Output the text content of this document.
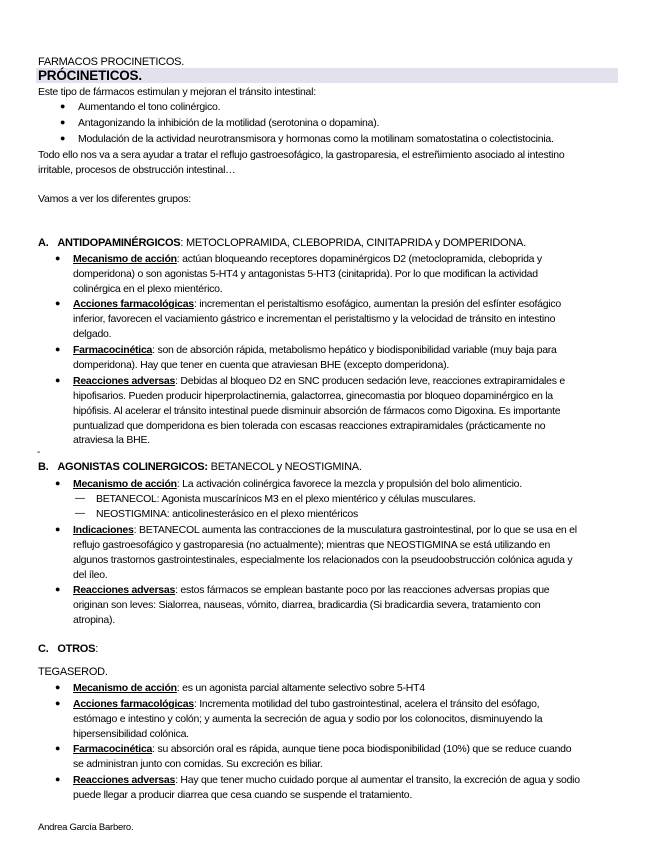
FARMACOS PROCINETICOS.
PRÓCINETICOS.
Este tipo de fármacos estimulan y mejoran el tránsito intestinal:
● Aumentando el tono colinérgico.
● Antagonizando la inhibición de la motilidad (serotonina o dopamina).
● Modulación de la actividad neurotransmisora y hormonas como la motilinam somatostatina o colectistocinia.
Todo ello nos va a sera ayudar a tratar el reflujo gastroesofágico, la gastroparesia, el estreñimiento asociado al intestino
irritable, procesos de obstrucción intestinal…
Vamos a ver los diferentes grupos:
A. ANTIDOPAMINÉRGICOS: METOCLOPRAMIDA, CLEBOPRIDA, CINITAPRIDA y DOMPERIDONA.
● Mecanismo de acción: actúan bloqueando receptores dopaminérgicos D2 (metoclopramida, cleboprida y
domperidona) o son agonistas 5-HT4 y antagonistas 5-HT3 (cinitaprida). Por lo que modifican la actividad
colinérgica en el plexo mientérico.
● Acciones farmacológicas: incrementan el peristaltismo esofágico, aumentan la presión del esfínter esofágico
inferior, favorecen el vaciamiento gástrico e incrementan el peristaltismo y la velocidad de tránsito en intestino
delgado.
● Farmacocinética: son de absorción rápida, metabolismo hepático y biodisponibilidad variable (muy baja para
domperidona). Hay que tener en cuenta que atraviesan BHE (excepto domperidona).
● Reacciones adversas: Debidas al bloqueo D2 en SNC producen sedación leve, reacciones extrapiramidales e
hipofisarios. Pueden producir hiperprolactinemia, galactorrea, ginecomastia por bloqueo dopaminérgico en la
hipófisis. Al acelerar el tránsito intestinal puede disminuir absorción de fármacos como Digoxina. Es importante
puntualizad que domperidona es bien tolerada con escasas reacciones extrapiramidales (prácticamente no
atraviesa la BHE.
-
B. AGONISTAS COLINERGICOS: BETANECOL y NEOSTIGMINA.
● Mecanismo de acción: La activación colinérgica favorece la mezcla y propulsión del bolo alimenticio.
— BETANECOL: Agonista muscarínicos M3 en el plexo mientérico y células musculares.
— NEOSTIGMINA: anticolinesterásico en el plexo mientéricos
● Indicaciones: BETANECOL aumenta las contracciones de la musculatura gastrointestinal, por lo que se usa en el
reflujo gastroesofágico y gastroparesia (no actualmente); mientras que NEOSTIGMINA se está utilizando en
algunos trastornos gastrointestinales, especialmente los relacionados con la pseudoobstrucción colónica aguda y
del íleo.
● Reacciones adversas: estos fármacos se emplean bastante poco por las reacciones adversas propias que
originan son leves: Sialorrea, nauseas, vómito, diarrea, bradicardia (Si bradicardia severa, tratamiento con
atropina).
C. OTROS:
TEGASEROD.
● Mecanismo de acción: es un agonista parcial altamente selectivo sobre 5-HT4
● Acciones farmacológicas: Incrementa motilidad del tubo gastrointestinal, acelera el tránsito del esófago,
estómago e intestino y colón; y aumenta la secreción de agua y sodio por los colonocitos, disminuyendo la
hipersensibilidad colónica.
● Farmacocinética: su absorción oral es rápida, aunque tiene poca biodisponibilidad (10%) que se reduce cuando
se administran junto con comidas. Su excreción es biliar.
● Reacciones adversas: Hay que tener mucho cuidado porque al aumentar el transito, la excreción de agua y sodio
puede llegar a producir diarrea que cesa cuando se suspende el tratamiento.
Andrea García Barbero.
